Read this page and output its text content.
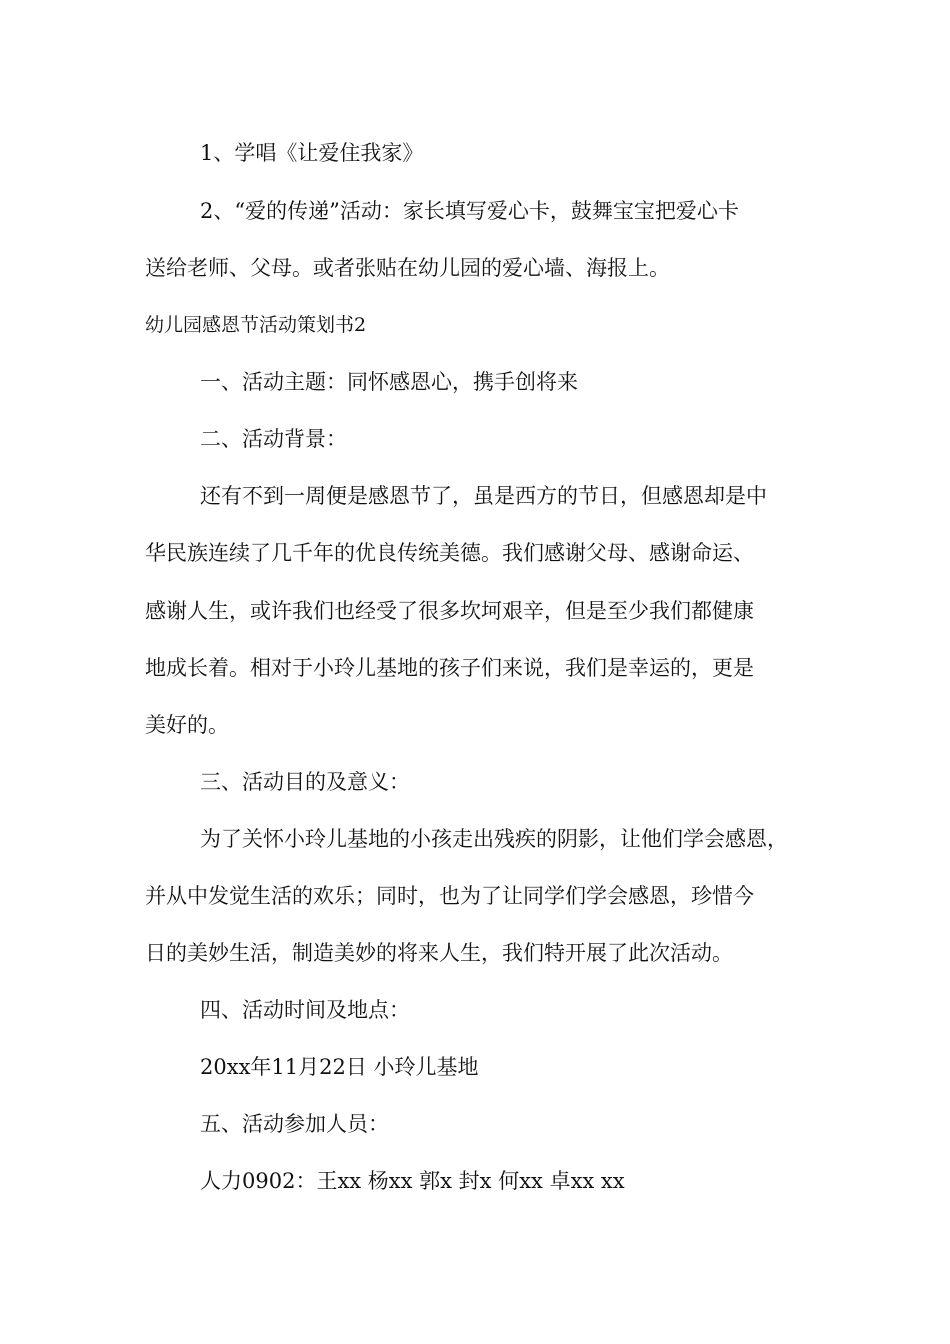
1、学唱《让爱住我家》
2、“爱的传递”活动：家长填写爱心卡，鼓舞宝宝把爱心卡
送给老师、父母。或者张贴在幼儿园的爱心墙、海报上。
幼儿园感恩节活动策划书2
一、活动主题：同怀感恩心，携手创将来
二、活动背景：
还有不到一周便是感恩节了，虽是西方的节日，但感恩却是中
华民族连续了几千年的优良传统美德。我们感谢父母、感谢命运、
感谢人生，或许我们也经受了很多坎坷艰辛，但是至少我们都健康
地成长着。相对于小玲儿基地的孩子们来说，我们是幸运的，更是
美好的。
三、活动目的及意义：
为了关怀小玲儿基地的小孩走出残疾的阴影，让他们学会感恩，
并从中发觉生活的欢乐；同时，也为了让同学们学会感恩，珍惜今
日的美妙生活，制造美妙的将来人生，我们特开展了此次活动。
四、活动时间及地点：
20xx年11月22日 小玲儿基地
五、活动参加人员：
人力0902：王xx 杨xx 郭x 封x 何xx 卓xx xx
